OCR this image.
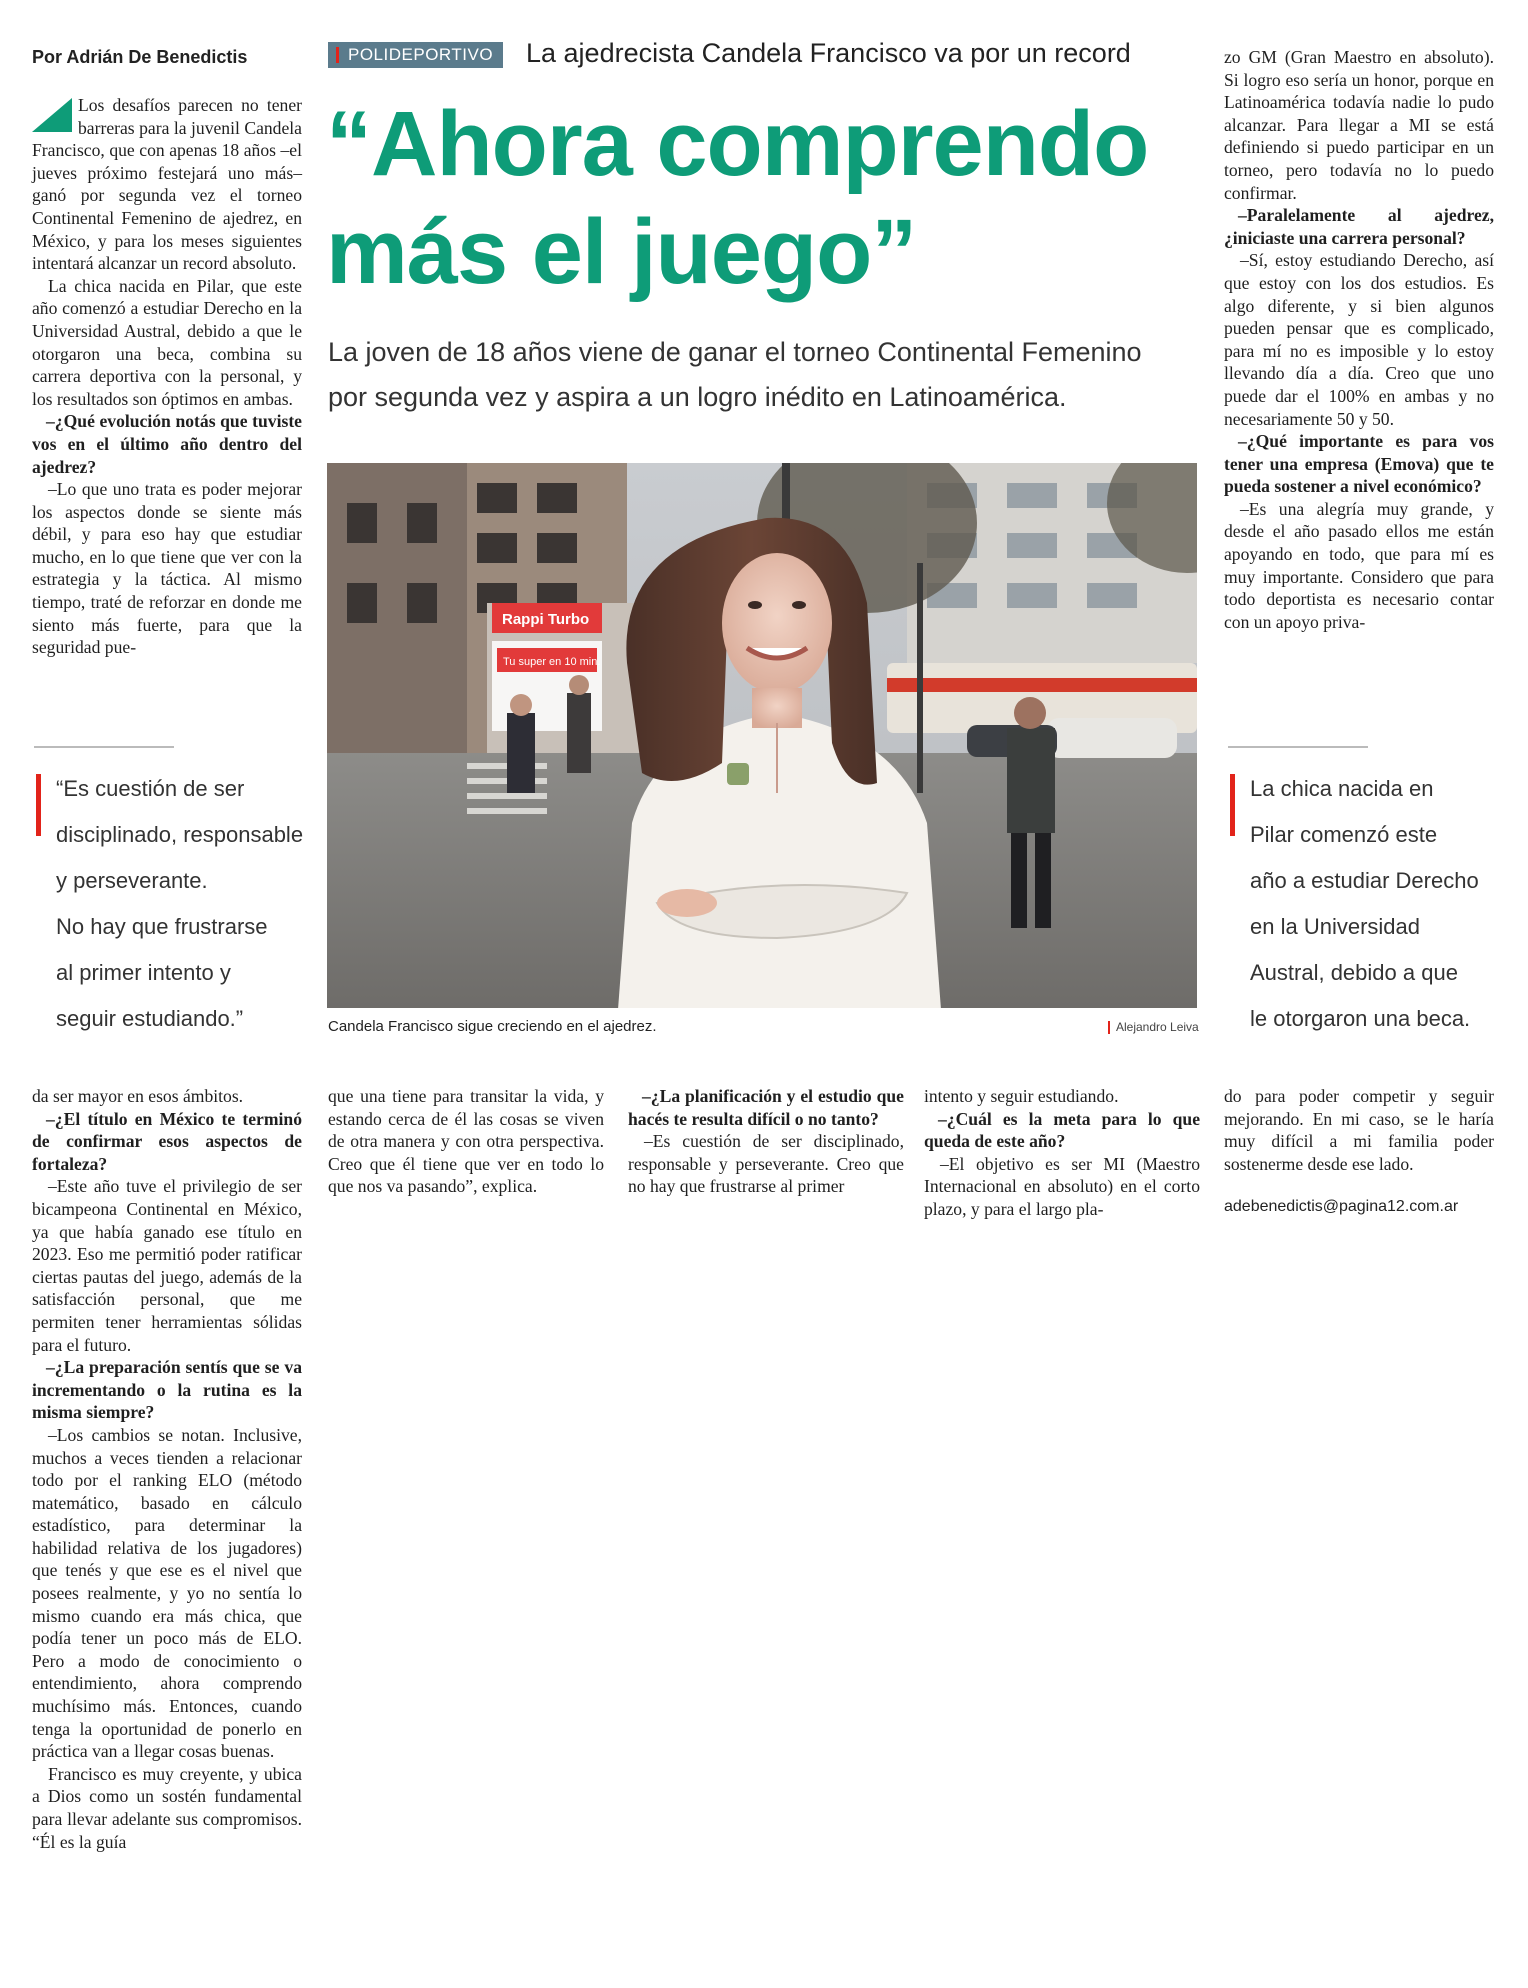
Por Adrián De Benedictis	POLIDEPORTIVO	La ajedrecista Candela Francisco va por un record
“Ahora comprendo
más el juego”
La joven de 18 años viene de ganar el torneo Continental Femenino
por segunda vez y aspira a un logro inédito en Latinoamérica.

Los desafíos parecen no tener barreras para la juvenil Candela Francisco, que con apenas 18 años –el jueves próximo festejará uno más– ganó por segunda vez el torneo Continental Femenino de ajedrez, en México, y para los meses siguientes intentará alcanzar un record absoluto.

La chica nacida en Pilar, que este año comenzó a estudiar Derecho en la Universidad Austral, debido a que le otorgaron una beca, combina su carrera deportiva con la personal, y los resultados son óptimos en ambas.

–¿Qué evolución notás que tuviste vos en el último año dentro del ajedrez?

–Lo que uno trata es poder mejorar los aspectos donde se siente más débil, y para eso hay que estudiar mucho, en lo que tiene que ver con la estrategia y la táctica. Al mismo tiempo, traté de reforzar en donde me siento más fuerte, para que la seguridad pue-

zo GM (Gran Maestro en absoluto). Si logro eso sería un honor, porque en Latinoamérica todavía nadie lo pudo alcanzar. Para llegar a MI se está definiendo si puedo participar en un torneo, pero todavía no lo puedo confirmar.

–Paralelamente al ajedrez, ¿iniciaste una carrera personal?

–Sí, estoy estudiando Derecho, así que estoy con los dos estudios. Es algo diferente, y si bien algunos pueden pensar que es complicado, para mí no es imposible y lo estoy llevando día a día. Creo que uno puede dar el 100% en ambas y no necesariamente 50 y 50.

–¿Qué importante es para vos tener una empresa (Emova) que te pueda sostener a nivel económico?

–Es una alegría muy grande, y desde el año pasado ellos me están apoyando en todo, que para mí es muy importante. Considero que para todo deportista es necesario contar con un apoyo priva-

Rappi Turbo
Tu super en 10 min.
Candela Francisco sigue creciendo en el ajedrez.	Alejandro Leiva
“Es cuestión de ser
disciplinado, responsable
y perseverante.
No hay que frustrarse
al primer intento y
seguir estudiando.”
La chica nacida en
Pilar comenzó este
año a estudiar Derecho
en la Universidad
Austral, debido a que
le otorgaron una beca.

da ser mayor en esos ámbitos.

–¿El título en México te terminó de confirmar esos aspectos de fortaleza?

–Este año tuve el privilegio de ser bicampeona Continental en México, ya que había ganado ese título en 2023. Eso me permitió poder ratificar ciertas pautas del juego, además de la satisfacción personal, que me permiten tener herramientas sólidas para el futuro.

–¿La preparación sentís que se va incrementando o la rutina es la misma siempre?

–Los cambios se notan. Inclusive, muchos a veces tienden a relacionar todo por el ranking ELO (método matemático, basado en cálculo estadístico, para determinar la habilidad relativa de los jugadores) que tenés y que ese es el nivel que posees realmente, y yo no sentía lo mismo cuando era más chica, que podía tener un poco más de ELO. Pero a modo de conocimiento o entendimiento, ahora comprendo muchísimo más. Entonces, cuando tenga la oportunidad de ponerlo en práctica van a llegar cosas buenas.

Francisco es muy creyente, y ubica a Dios como un sostén fundamental para llevar adelante sus compromisos. “Él es la guía

que una tiene para transitar la vida, y estando cerca de él las cosas se viven de otra manera y con otra perspectiva. Creo que él tiene que ver en todo lo que nos va pasando”, explica.

–¿La planificación y el estudio que hacés te resulta difícil o no tanto?

–Es cuestión de ser disciplinado, responsable y perseverante. Creo que no hay que frustrarse al primer

intento y seguir estudiando.

–¿Cuál es la meta para lo que queda de este año?

–El objetivo es ser MI (Maestro Internacional en absoluto) en el corto plazo, y para el largo pla-

do para poder competir y seguir mejorando. En mi caso, se le haría muy difícil a mi familia poder sostenerme desde ese lado.

adebenedictis@pagina12.com.ar
